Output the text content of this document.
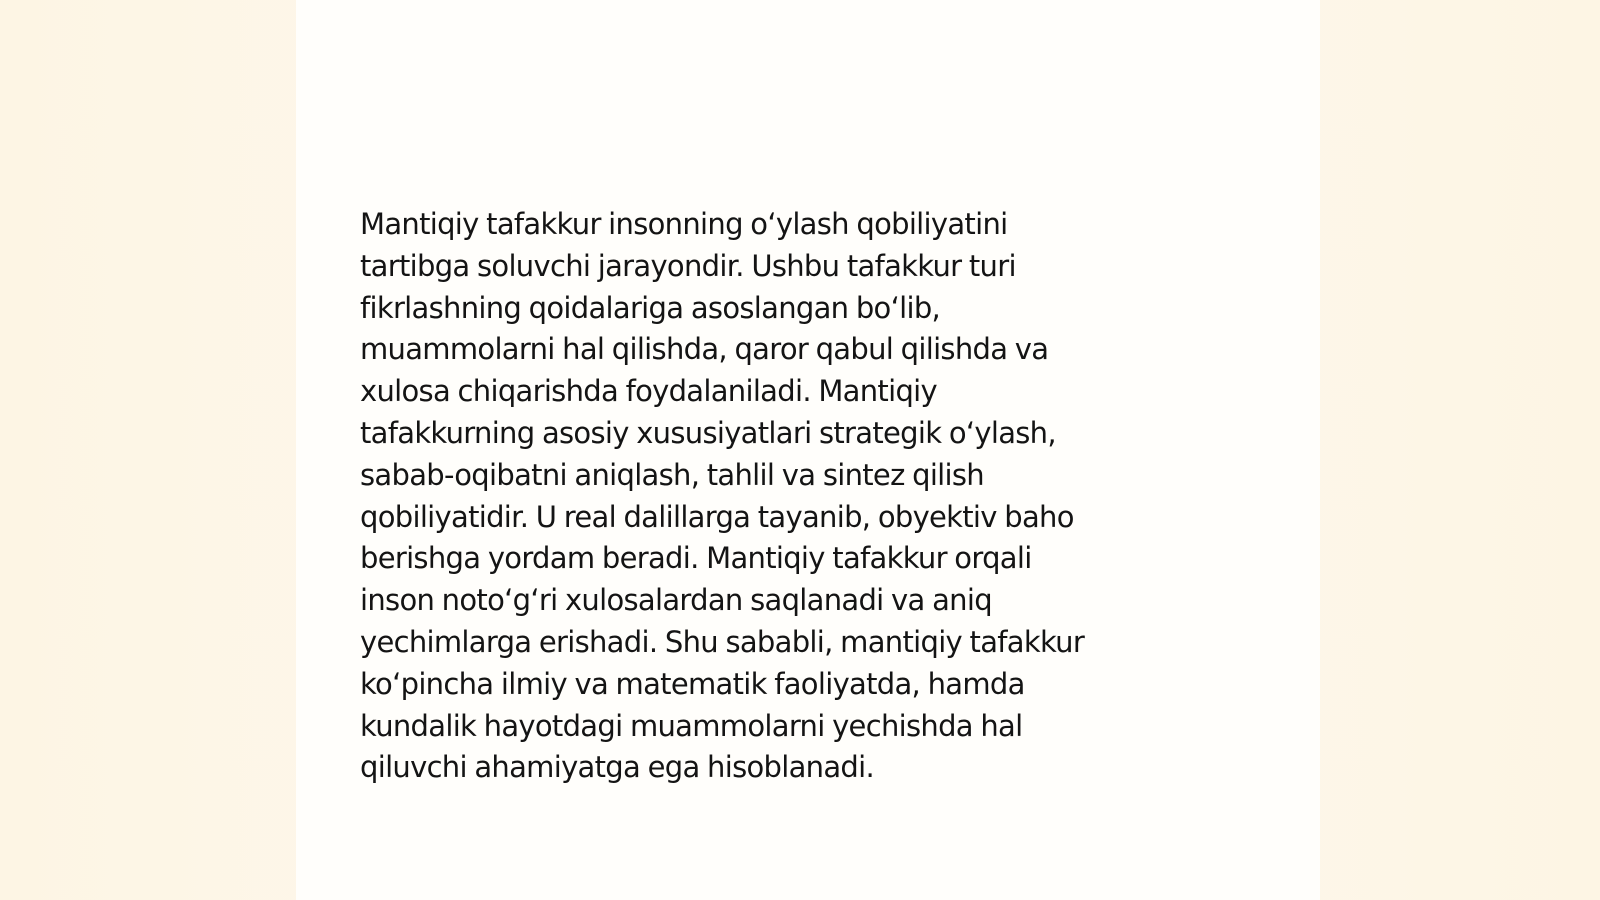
Mantiqiy tafakkur insonning o‘ylash qobiliyatini
tartibga soluvchi jarayondir. Ushbu tafakkur turi
fikrlashning qoidalariga asoslangan bo‘lib,
muammolarni hal qilishda, qaror qabul qilishda va
xulosa chiqarishda foydalaniladi. Mantiqiy
tafakkurning asosiy xususiyatlari strategik o‘ylash,
sabab-oqibatni aniqlash, tahlil va sintez qilish
qobiliyatidir. U real dalillarga tayanib, obyektiv baho
berishga yordam beradi. Mantiqiy tafakkur orqali
inson noto‘g‘ri xulosalardan saqlanadi va aniq
yechimlarga erishadi. Shu sababli, mantiqiy tafakkur
ko‘pincha ilmiy va matematik faoliyatda, hamda
kundalik hayotdagi muammolarni yechishda hal
qiluvchi ahamiyatga ega hisoblanadi.
